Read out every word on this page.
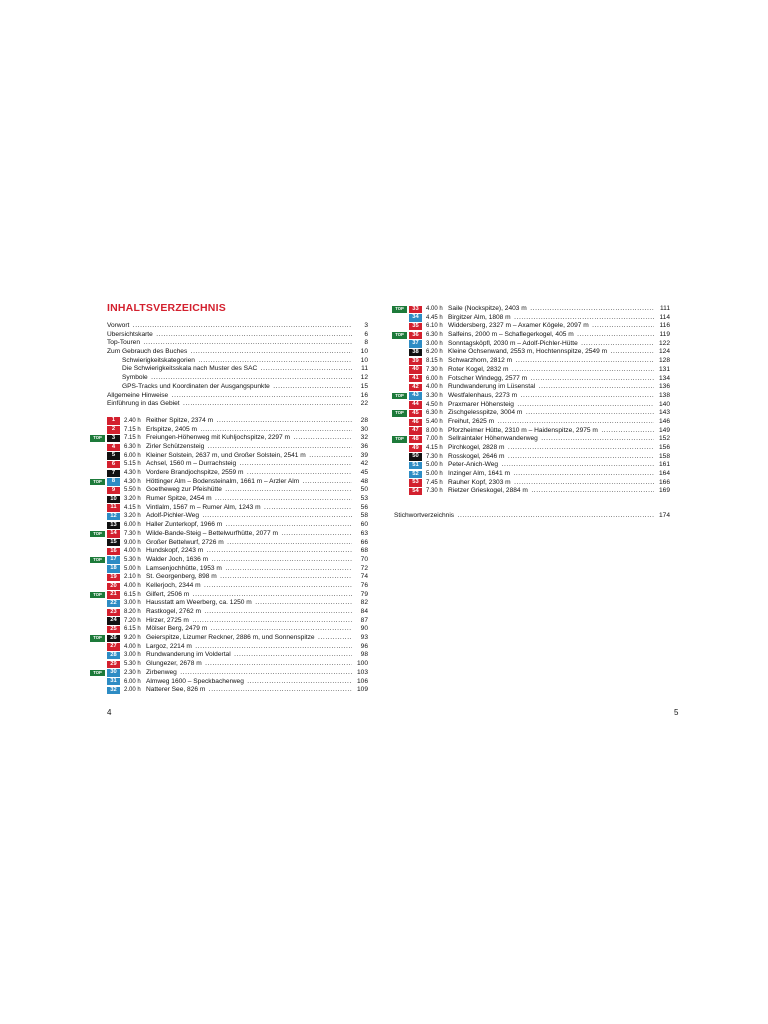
INHALTSVERZEICHNIS
Vorwort .....	3
Übersichtskarte .....	6
Top-Touren .....	8
Zum Gebrauch des Buches .....	10
Schwierigkeitskategorien .....	10
Die Schwierigkeitsskala nach Muster des SAC .....	11
Symbole .....	12
GPS-Tracks und Koordinaten der Ausgangspunkte .....	15
Allgemeine Hinweise .....	16
Einführung in das Gebiet .....	22
1	2.40 h Reither Spitze, 2374 m .....	28
2	7.15 h Erlspitze, 2405 m .....	30
TOP	3	7.15 h Freiungen-Höhenweg mit Kuhljochspitze, 2297 m .....	32
4	6.30 h Zirler Schützensteig .....	36
5	6.00 h Kleiner Solstein, 2637 m, und Großer Solstein, 2541 m .....	39
6	5.15 h Achsel, 1560 m – Durrachsteig .....	42
7	4.30 h Vordere Brandjochspitze, 2559 m .....	45
TOP	8	4.30 h Höttinger Alm – Bodensteinalm, 1661 m – Arzler Alm .....	48
9	5.50 h Goetheweg zur Pfeishütte .....	50
10	3.20 h Rumer Spitze, 2454 m .....	53
11	4.15 h Vintlalm, 1567 m – Rumer Alm, 1243 m .....	56
12	3.20 h Adolf-Pichler-Weg .....	58
13	6.00 h Haller Zunterkopf, 1966 m .....	60
TOP	14	7.30 h Wilde-Bande-Steig – Bettelwurfhütte, 2077 m .....	63
15	9.00 h Großer Bettelwurf, 2726 m .....	66
16	4.00 h Hundskopf, 2243 m .....	68
TOP	17	5.30 h Walder Joch, 1636 m .....	70
18	5.00 h Lamsenjochhütte, 1953 m .....	72
19	2.10 h St. Georgenberg, 898 m .....	74
20	4.00 h Kellerjoch, 2344 m .....	76
TOP	21	6.15 h Gilfert, 2506 m .....	79
22	3.00 h Hausstatt am Weerberg, ca. 1250 m .....	82
23	8.20 h Rastkogel, 2762 m .....	84
24	7.20 h Hirzer, 2725 m .....	87
25	6.15 h Mölser Berg, 2479 m .....	90
TOP	26	9.20 h Geierspitze, Lizumer Reckner, 2886 m, und Sonnenspitze .....	93
27	4.00 h Largoz, 2214 m .....	96
28	3.00 h Rundwanderung im Voldertal .....	98
29	5.30 h Glungezer, 2678 m .....	100
TOP	30	2.30 h Zirbenweg .....	103
31	6.00 h Almweg 1600 – Speckbacherweg .....	106
32	2.00 h Natterer See, 826 m .....	109
TOP	33	4.00 h Saile (Nockspitze), 2403 m .....	111
34	4.45 h Birgitzer Alm, 1808 m .....	114
35	6.10 h Widdersberg, 2327 m – Axamer Kögele, 2097 m .....	116
TOP	36	6.30 h Salfeins, 2000 m – Schaflegerkogel, 405 m .....	119
37	3.00 h Sonntagsköpfl, 2030 m – Adolf-Pichler-Hütte .....	122
38	6.20 h Kleine Ochsenwand, 2553 m, Hochtennspitze, 2549 m .....	124
39	8.15 h Schwarzhorn, 2812 m .....	128
40	7.30 h Roter Kogel, 2832 m .....	131
41	6.00 h Fotscher Windegg, 2577 m .....	134
42	4.00 h Rundwanderung im Lüsenstal .....	136
TOP	43	3.30 h Westfalenhaus, 2273 m .....	138
44	4.50 h Praxmarer Höhensteig .....	140
TOP	45	6.30 h Zischgelesspitze, 3004 m .....	143
46	5.40 h Freihut, 2625 m .....	146
47	8.00 h Pforzheimer Hütte, 2310 m – Haidenspitze, 2975 m .....	149
TOP	48	7.00 h Sellraintaler Höhenwanderweg .....	152
49	4.15 h Pirchkogel, 2828 m .....	156
50	7.30 h Rosskogel, 2646 m .....	158
51	5.00 h Peter-Anich-Weg .....	161
52	5.00 h Inzinger Alm, 1641 m .....	164
53	7.45 h Rauher Kopf, 2303 m .....	166
54	7.30 h Rietzer Grieskogel, 2884 m .....	169
Stichwortverzeichnis .....	174
4	5
